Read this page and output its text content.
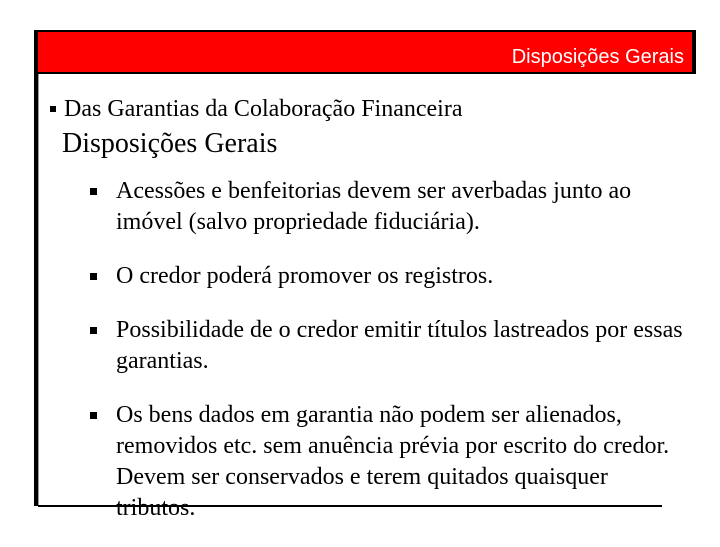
Disposições Gerais
Das Garantias da Colaboração Financeira
Disposições Gerais
Acessões e benfeitorias devem ser averbadas junto ao imóvel (salvo propriedade fiduciária).
O credor poderá promover os registros.
Possibilidade de o credor emitir títulos lastreados por essas garantias.
Os bens dados em garantia não podem ser alienados, removidos etc. sem anuência prévia por escrito do credor. Devem ser conservados e terem quitados quaisquer tributos.
